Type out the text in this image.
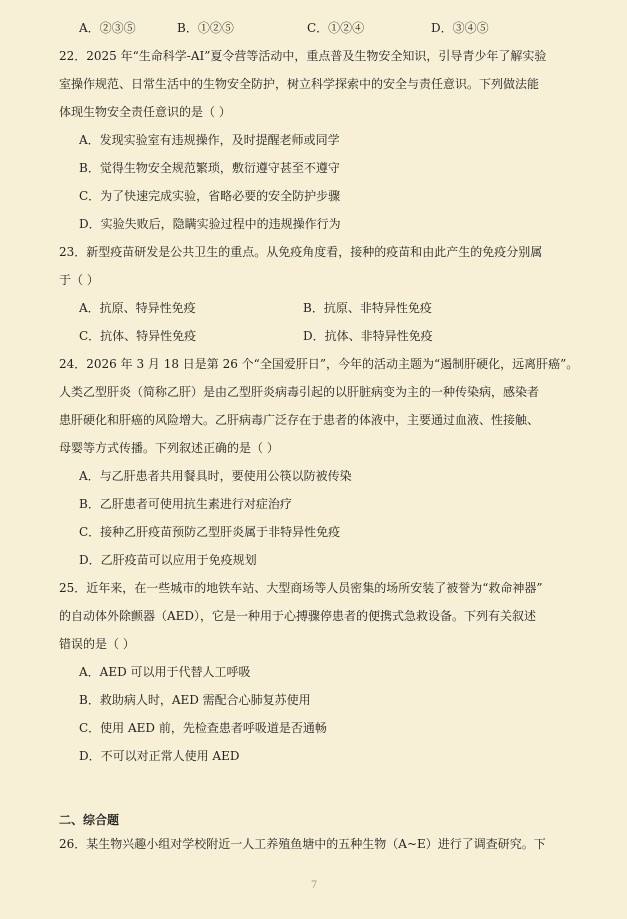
A．②③⑤	B．①②⑤	C．①②④	D．③④⑤
22．2025 年“生命科学-AI”夏令营等活动中，重点普及生物安全知识，引导青少年了解实验
室操作规范、日常生活中的生物安全防护，树立科学探索中的安全与责任意识。下列做法能
体现生物安全责任意识的是（ ）
A．发现实验室有违规操作，及时提醒老师或同学
B．觉得生物安全规范繁琐，敷衍遵守甚至不遵守
C．为了快速完成实验，省略必要的安全防护步骤
D．实验失败后，隐瞒实验过程中的违规操作行为
23．新型疫苗研发是公共卫生的重点。从免疫角度看，接种的疫苗和由此产生的免疫分别属
于（ ）
A．抗原、特异性免疫	B．抗原、非特异性免疫
C．抗体、特异性免疫	D．抗体、非特异性免疫
24．2026 年 3 月 18 日是第 26 个“全国爱肝日”，今年的活动主题为“遏制肝硬化，远离肝癌”。
人类乙型肝炎（简称乙肝）是由乙型肝炎病毒引起的以肝脏病变为主的一种传染病，感染者
患肝硬化和肝癌的风险增大。乙肝病毒广泛存在于患者的体液中，主要通过血液、性接触、
母婴等方式传播。下列叙述正确的是（ ）
A．与乙肝患者共用餐具时，要使用公筷以防被传染
B．乙肝患者可使用抗生素进行对症治疗
C．接种乙肝疫苗预防乙型肝炎属于非特异性免疫
D．乙肝疫苗可以应用于免疫规划
25．近年来，在一些城市的地铁车站、大型商场等人员密集的场所安装了被誉为“救命神器”
的自动体外除颤器（AED），它是一种用于心搏骤停患者的便携式急救设备。下列有关叙述
错误的是（ ）
A．AED 可以用于代替人工呼吸
B．救助病人时，AED 需配合心肺复苏使用
C．使用 AED 前，先检查患者呼吸道是否通畅
D．不可以对正常人使用 AED
二、综合题
26．某生物兴趣小组对学校附近一人工养殖鱼塘中的五种生物（A~E）进行了调查研究。下
7
